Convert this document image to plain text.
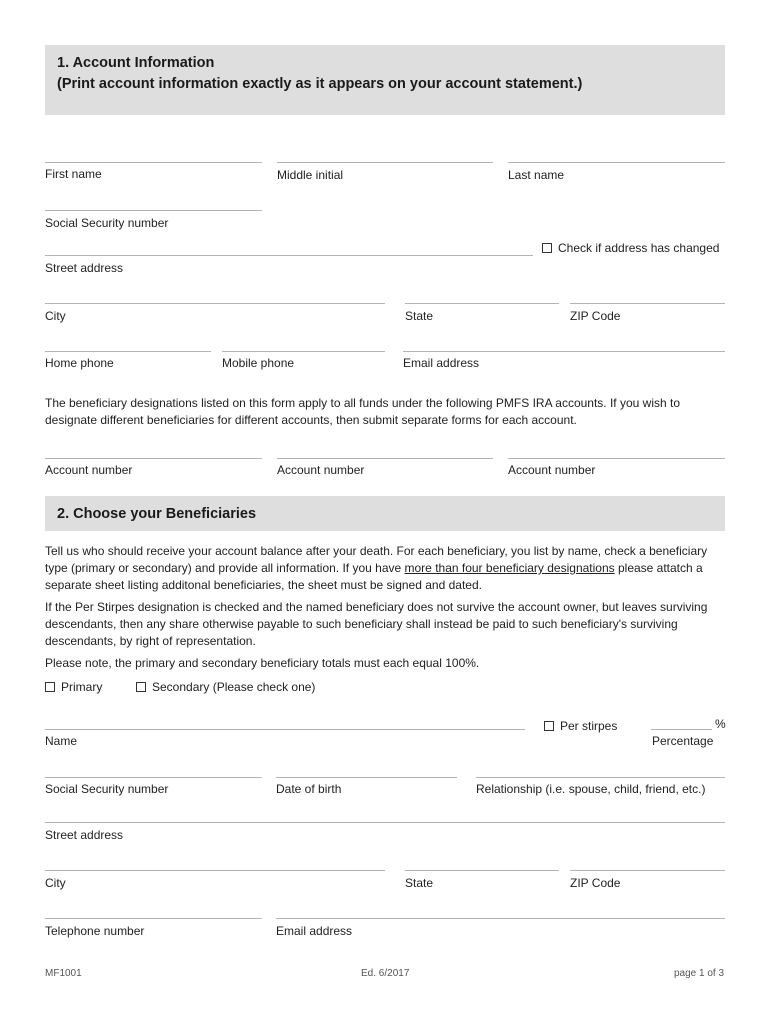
1. Account Information
(Print account information exactly as it appears on your account statement.)
First name	Middle initial	Last name
Social Security number
Check if address has changed
Street address
City	State	ZIP Code
Home phone	Mobile phone	Email address
The beneficiary designations listed on this form apply to all funds under the following PMFS IRA accounts. If you wish to designate different beneficiaries for different accounts, then submit separate forms for each account.
Account number	Account number	Account number
2. Choose your Beneficiaries

Tell us who should receive your account balance after your death. For each beneficiary, you list by name, check a beneficiary type (primary or secondary) and provide all information. If you have more than four beneficiary designations please attatch a separate sheet listing additonal beneficiaries, the sheet must be signed and dated.

If the Per Stirpes designation is checked and the named beneficiary does not survive the account owner, but leaves surviving descendants, then any share otherwise payable to such beneficiary shall instead be paid to such beneficiary's surviving descendants, by right of representation.

Please note, the primary and secondary beneficiary totals must each equal 100%.

Primary	Secondary (Please check one)
Per stirpes	%
Name	Percentage
Social Security number	Date of birth	Relationship (i.e. spouse, child, friend, etc.)
Street address
City	State	ZIP Code
Telephone number	Email address
MF1001	Ed. 6/2017	page 1 of 3
